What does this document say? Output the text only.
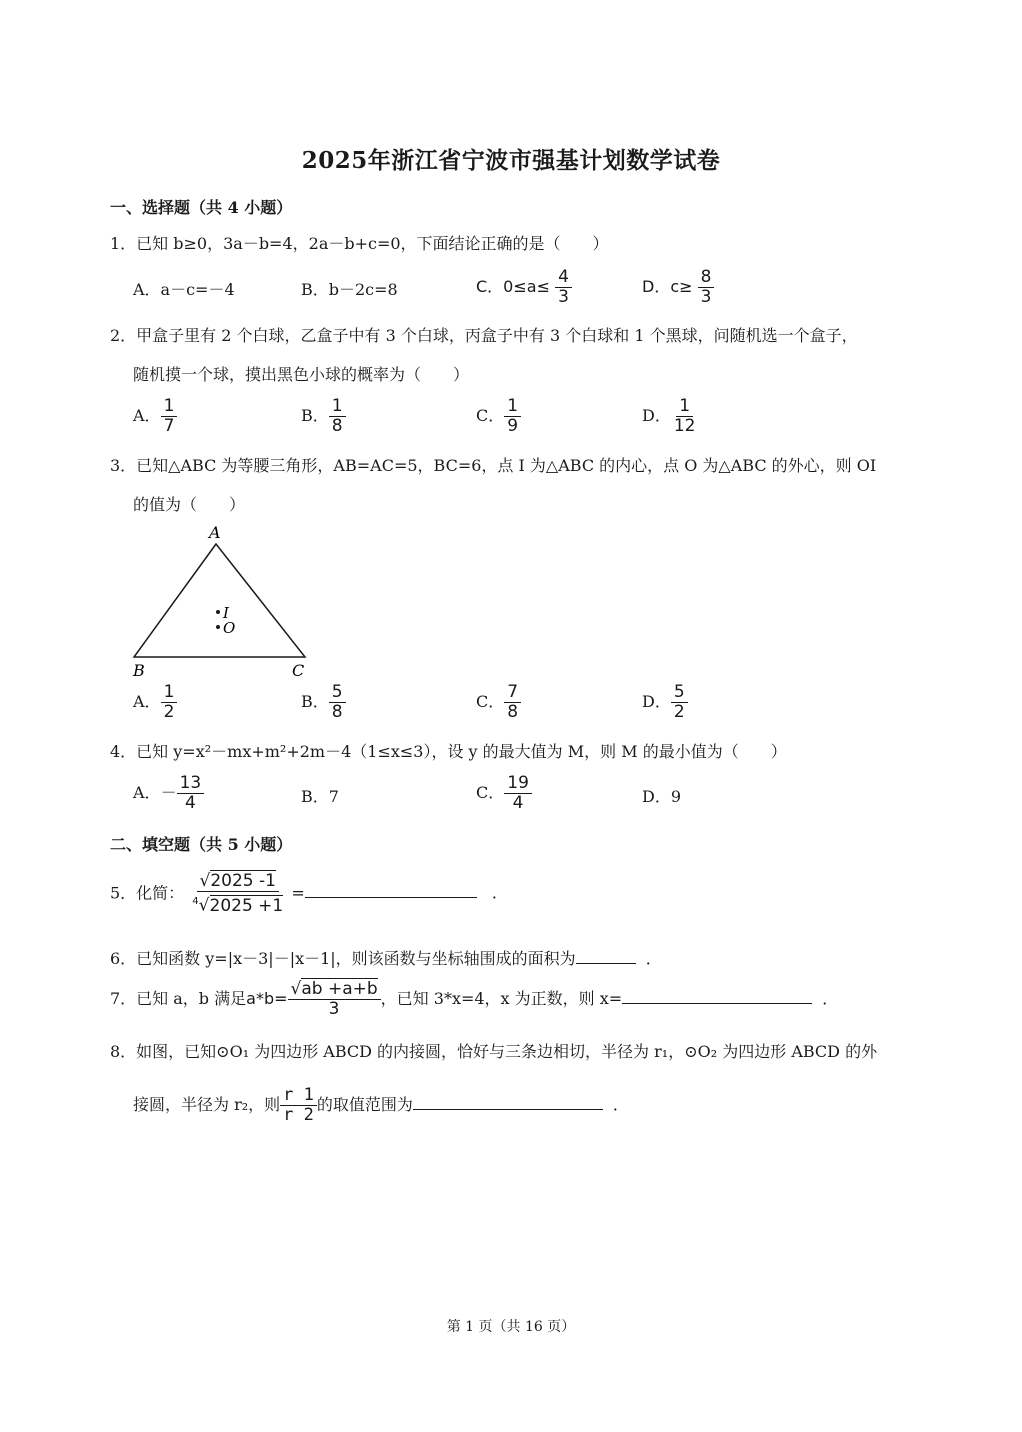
2025年浙江省宁波市强基计划数学试卷
一、选择题（共 4 小题）
1．已知 b≥0，3a－b=4，2a－b+c=0，下面结论正确的是（　　）
A．a－c=－4	B．b－2c=8	C．$0\le a\le \frac{4}{3}$	D．$c\ge \frac{8}{3}$
2．甲盒子里有 2 个白球，乙盒子中有 3 个白球，丙盒子中有 3 个白球和 1 个黑球，问随机选一个盒子，
随机摸一个球，摸出黑色小球的概率为（　　）
A． $\frac{1}{7}$	B． $\frac{1}{8}$	C． $\frac{1}{9}$	D． $\frac{1}{12}$
3．已知△ABC 为等腰三角形，AB=AC=5，BC=6，点 I 为△ABC 的内心，点 O 为△ABC 的外心，则 OI
的值为（　　）
A
B	C
I
O
A． $\frac{1}{2}$	B． $\frac{5}{8}$	C． $\frac{7}{8}$	D． $\frac{5}{2}$
4．已知 y=x²－mx+m²+2m－4（1≤x≤3），设 y 的最大值为 M，则 M 的最小值为（　　）
A．－ $\frac{13}{4}$	B．7	C． $\frac{19}{4}$	D．9
二、填空题（共 5 小题）
5．化简： $\frac{√2025 -1}{^4√2025 +1}$ =	．
6．已知函数 y=|x－3|－|x－1|，则该函数与坐标轴围成的面积为	．
7．已知 a，b 满足$a*b= \frac{√ab +a+b}{3}$ ，已知 3*x=4，x 为正数，则 x=	．
8．如图，已知⊙O₁ 为四边形 ABCD 的内接圆，恰好与三条边相切，半径为 r₁，⊙O₂ 为四边形 ABCD 的外
接圆，半径为 r₂，则 $\frac{r 1}{r 2}$ 的取值范围为	．
第 1 页（共 16 页）
